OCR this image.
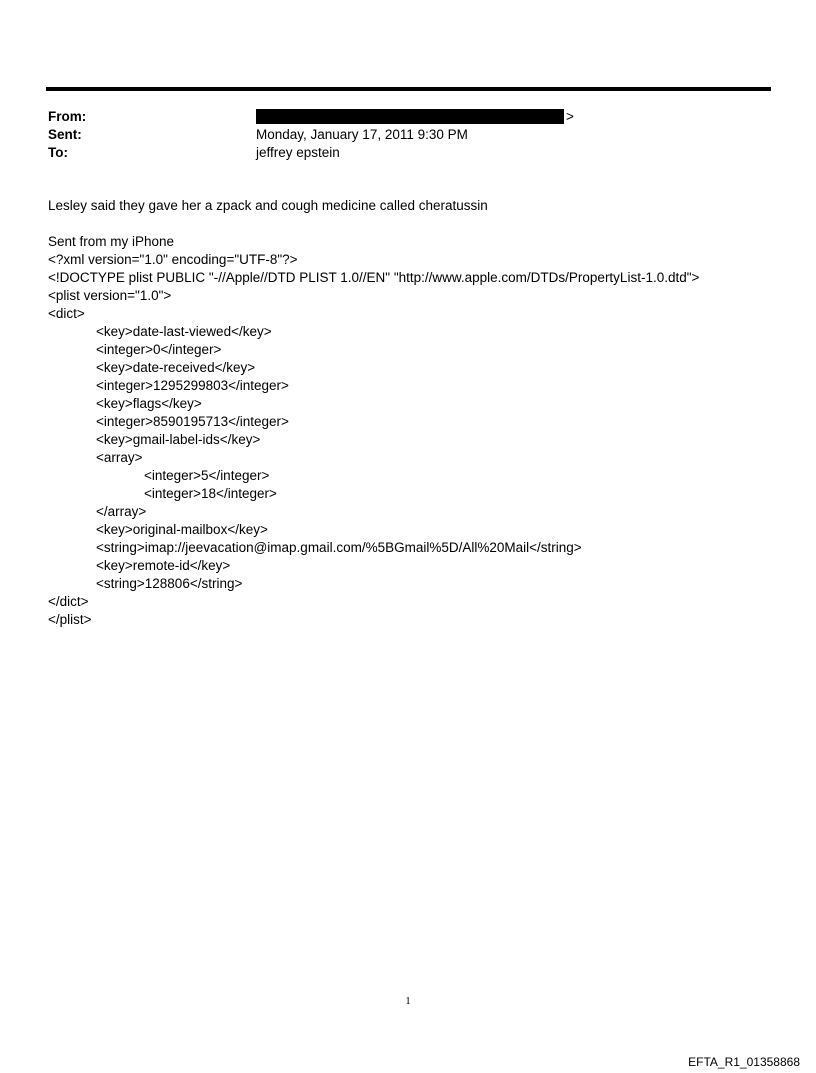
From:	>
Sent:	Monday, January 17, 2011 9:30 PM
To:	jeffrey epstein
Lesley said they gave her a zpack and cough medicine called cheratussin
Sent from my iPhone
<?xml version="1.0" encoding="UTF-8"?>
<!DOCTYPE plist PUBLIC "-//Apple//DTD PLIST 1.0//EN" "http://www.apple.com/DTDs/PropertyList-1.0.dtd">
<plist version="1.0">
<dict>
<key>date-last-viewed</key>
<integer>0</integer>
<key>date-received</key>
<integer>1295299803</integer>
<key>flags</key>
<integer>8590195713</integer>
<key>gmail-label-ids</key>
<array>
<integer>5</integer>
<integer>18</integer>
</array>
<key>original-mailbox</key>
<string>imap://jeevacation@imap.gmail.com/%5BGmail%5D/All%20Mail</string>
<key>remote-id</key>
<string>128806</string>
</dict>
</plist>
1
EFTA_R1_01358868
